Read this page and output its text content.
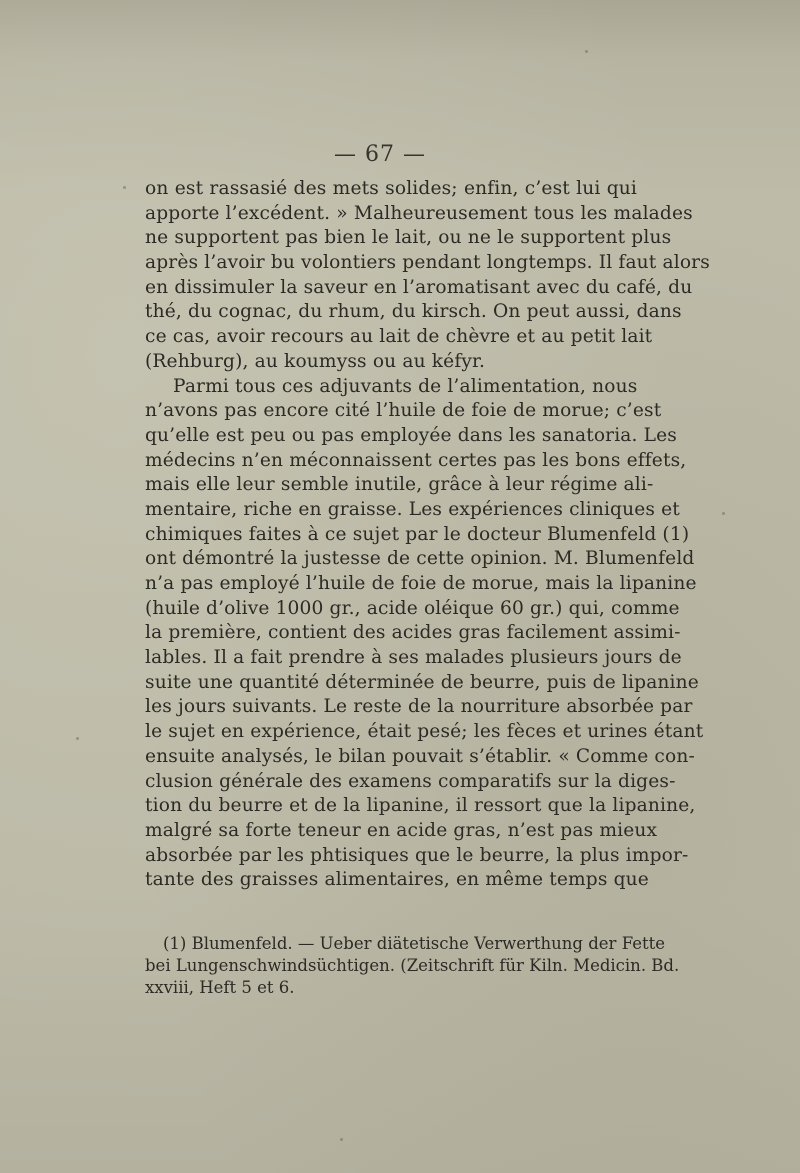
— 67 —
on est rassasié des mets solides; enfin, c’est lui qui
apporte l’excédent. » Malheureusement tous les malades
ne supportent pas bien le lait, ou ne le supportent plus
après l’avoir bu volontiers pendant longtemps. Il faut alors
en dissimuler la saveur en l’aromatisant avec du café, du
thé, du cognac, du rhum, du kirsch. On peut aussi, dans
ce cas, avoir recours au lait de chèvre et au petit lait
(Rehburg), au koumyss ou au kéfyr.
Parmi tous ces adjuvants de l’alimentation, nous
n’avons pas encore cité l’huile de foie de morue; c’est
qu’elle est peu ou pas employée dans les sanatoria. Les
médecins n’en méconnaissent certes pas les bons effets,
mais elle leur semble inutile, grâce à leur régime ali-
mentaire, riche en graisse. Les expériences cliniques et
chimiques faites à ce sujet par le docteur Blumenfeld (1)
ont démontré la justesse de cette opinion. M. Blumenfeld
n’a pas employé l’huile de foie de morue, mais la lipanine
(huile d’olive 1000 gr., acide oléique 60 gr.) qui, comme
la première, contient des acides gras facilement assimi-
lables. Il a fait prendre à ses malades plusieurs jours de
suite une quantité déterminée de beurre, puis de lipanine
les jours suivants. Le reste de la nourriture absorbée par
le sujet en expérience, était pesé; les fèces et urines étant
ensuite analysés, le bilan pouvait s’établir. « Comme con-
clusion générale des examens comparatifs sur la diges-
tion du beurre et de la lipanine, il ressort que la lipanine,
malgré sa forte teneur en acide gras, n’est pas mieux
absorbée par les phtisiques que le beurre, la plus impor-
tante des graisses alimentaires, en même temps que
(1) Blumenfeld. — Ueber diätetische Verwerthung der Fette
bei Lungenschwindsüchtigen. (Zeitschrift für Kiln. Medicin. Bd.
xxviii, Heft 5 et 6.
